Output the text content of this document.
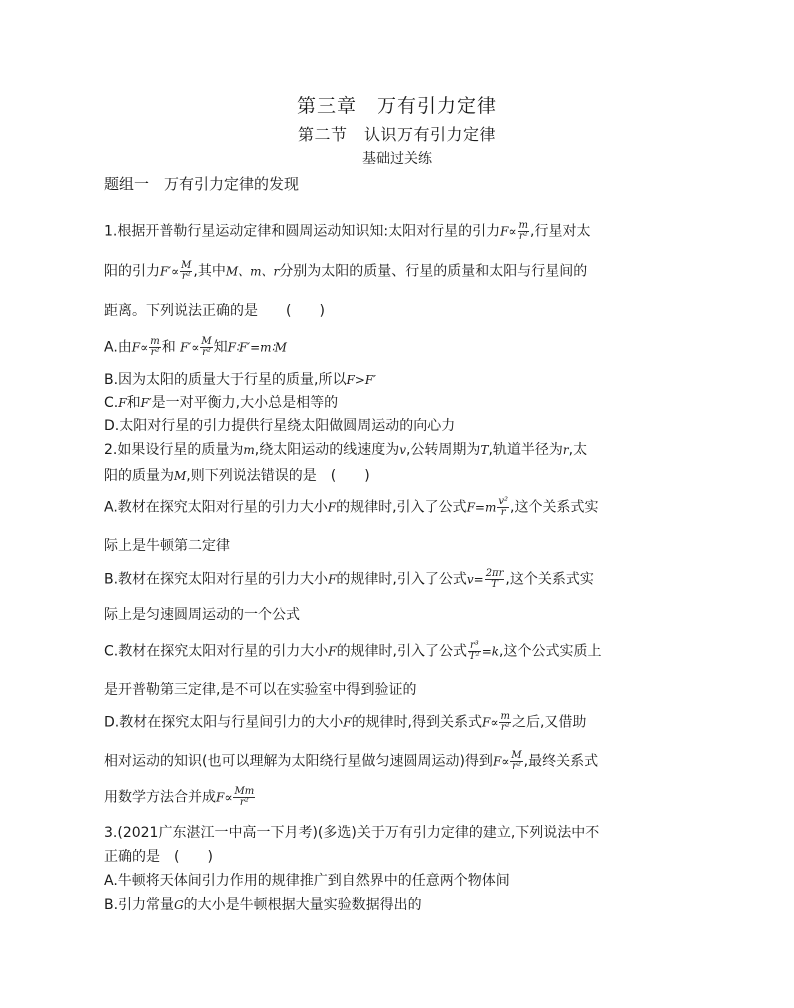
第三章　万有引力定律
第二节　认识万有引力定律
基础过关练
题组一　万有引力定律的发现
1.根据开普勒行星运动定律和圆周运动知识知:太阳对行星的引力$F\propto \frac{m}{\text{r²}}$ ,行星对太
阳的引力$F'\propto \frac{M}{\text{r²}}$ ,其中M、m、r分别为太阳的质量、行星的质量和太阳与行星间的
距离。下列说法正确的是　　(　　)
A.由$F\propto \frac{m}{\text{r²}}$ 和 $F'\propto \frac{M}{\text{r²}}$ 知F∶F′=m∶M
B.因为太阳的质量大于行星的质量,所以F>F′
C.F和F′是一对平衡力,大小总是相等的
D.太阳对行星的引力提供行星绕太阳做圆周运动的向心力
2.如果设行星的质量为m,绕太阳运动的线速度为v,公转周期为T,轨道半径为r,太
阳的质量为M,则下列说法错误的是　(　　)
A.教材在探究太阳对行星的引力大小F的规律时,引入了公式$F=m \frac{\text{v²}}{r}$ ,这个关系式实
际上是牛顿第二定律
B.教材在探究太阳对行星的引力大小F的规律时,引入了公式$v= \frac{2\pi r}{T}$ ,这个关系式实
际上是匀速圆周运动的一个公式
C.教材在探究太阳对行星的引力大小F的规律时,引入了公式 $\frac{\text{r³}}{\text{T²}} =k$,这个公式实质上
是开普勒第三定律,是不可以在实验室中得到验证的
D.教材在探究太阳与行星间引力的大小F的规律时,得到关系式$F\propto \frac{m}{\text{r²}}$ 之后,又借助
相对运动的知识(也可以理解为太阳绕行星做匀速圆周运动)得到$F\propto \frac{M}{\text{r²}}$ ,最终关系式
用数学方法合并成$F\propto \frac{Mm}{\text{r²}}$
3.(2021广东湛江一中高一下月考)(多选)关于万有引力定律的建立,下列说法中不
正确的是　(　　)
A.牛顿将天体间引力作用的规律推广到自然界中的任意两个物体间
B.引力常量G的大小是牛顿根据大量实验数据得出的
